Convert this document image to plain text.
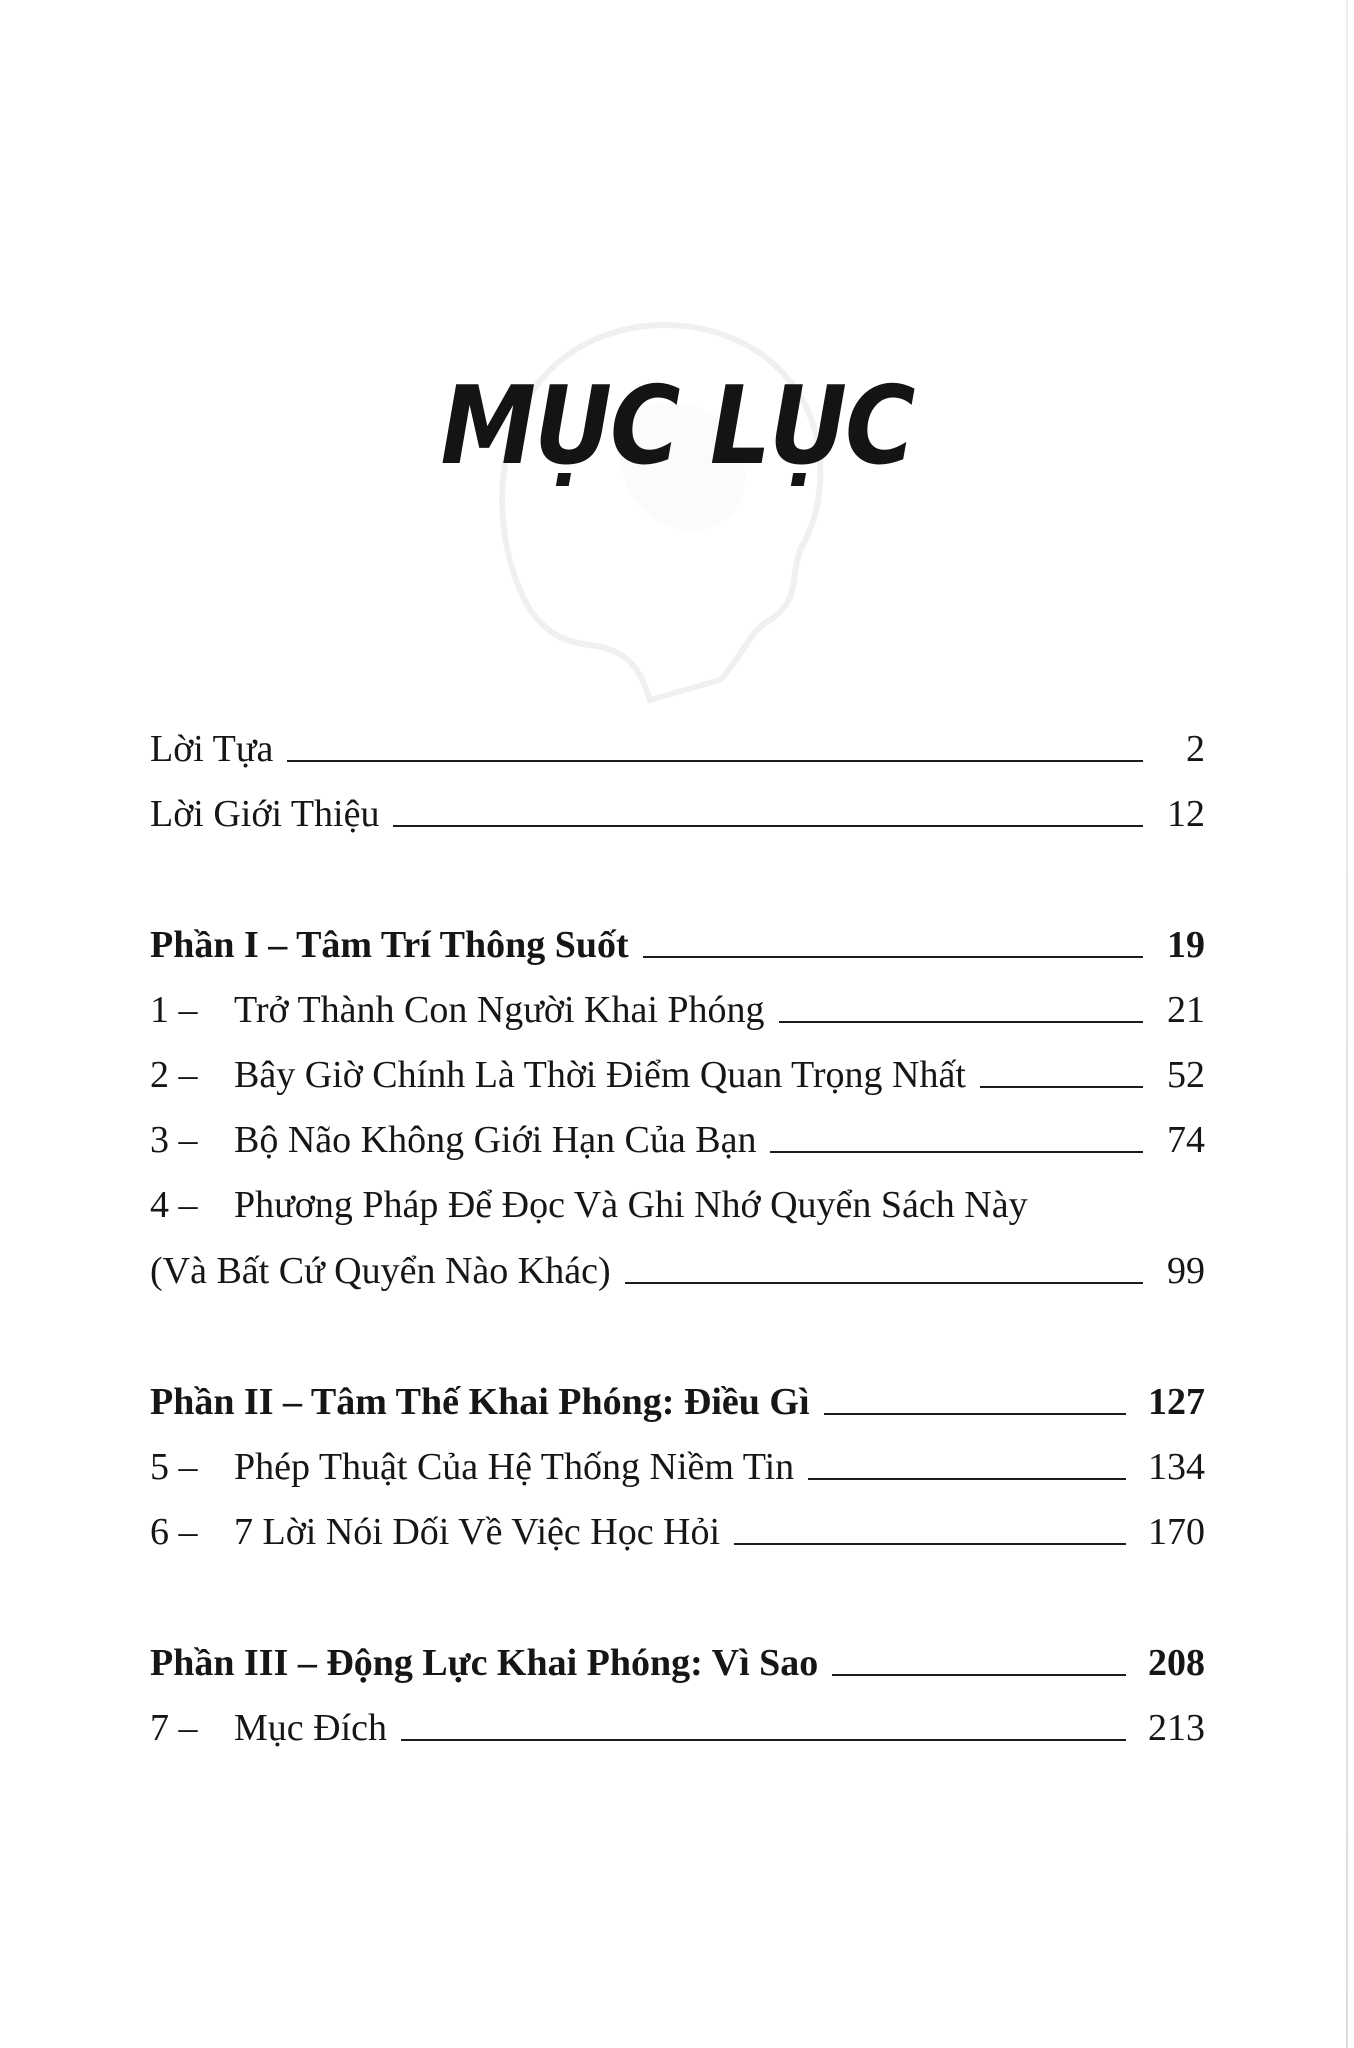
MỤC LỤC
Lời Tựa	2
Lời Giới Thiệu	12
Phần I – Tâm Trí Thông Suốt	19
1 – Trở Thành Con Người Khai Phóng	21
2 – Bây Giờ Chính Là Thời Điểm Quan Trọng Nhất	52
3 – Bộ Não Không Giới Hạn Của Bạn	74
4 – Phương Pháp Để Đọc Và Ghi Nhớ Quyển Sách Này
(Và Bất Cứ Quyển Nào Khác)	99
Phần II – Tâm Thế Khai Phóng: Điều Gì	127
5 – Phép Thuật Của Hệ Thống Niềm Tin	134
6 – 7 Lời Nói Dối Về Việc Học Hỏi	170
Phần III – Động Lực Khai Phóng: Vì Sao	208
7 – Mục Đích	213
